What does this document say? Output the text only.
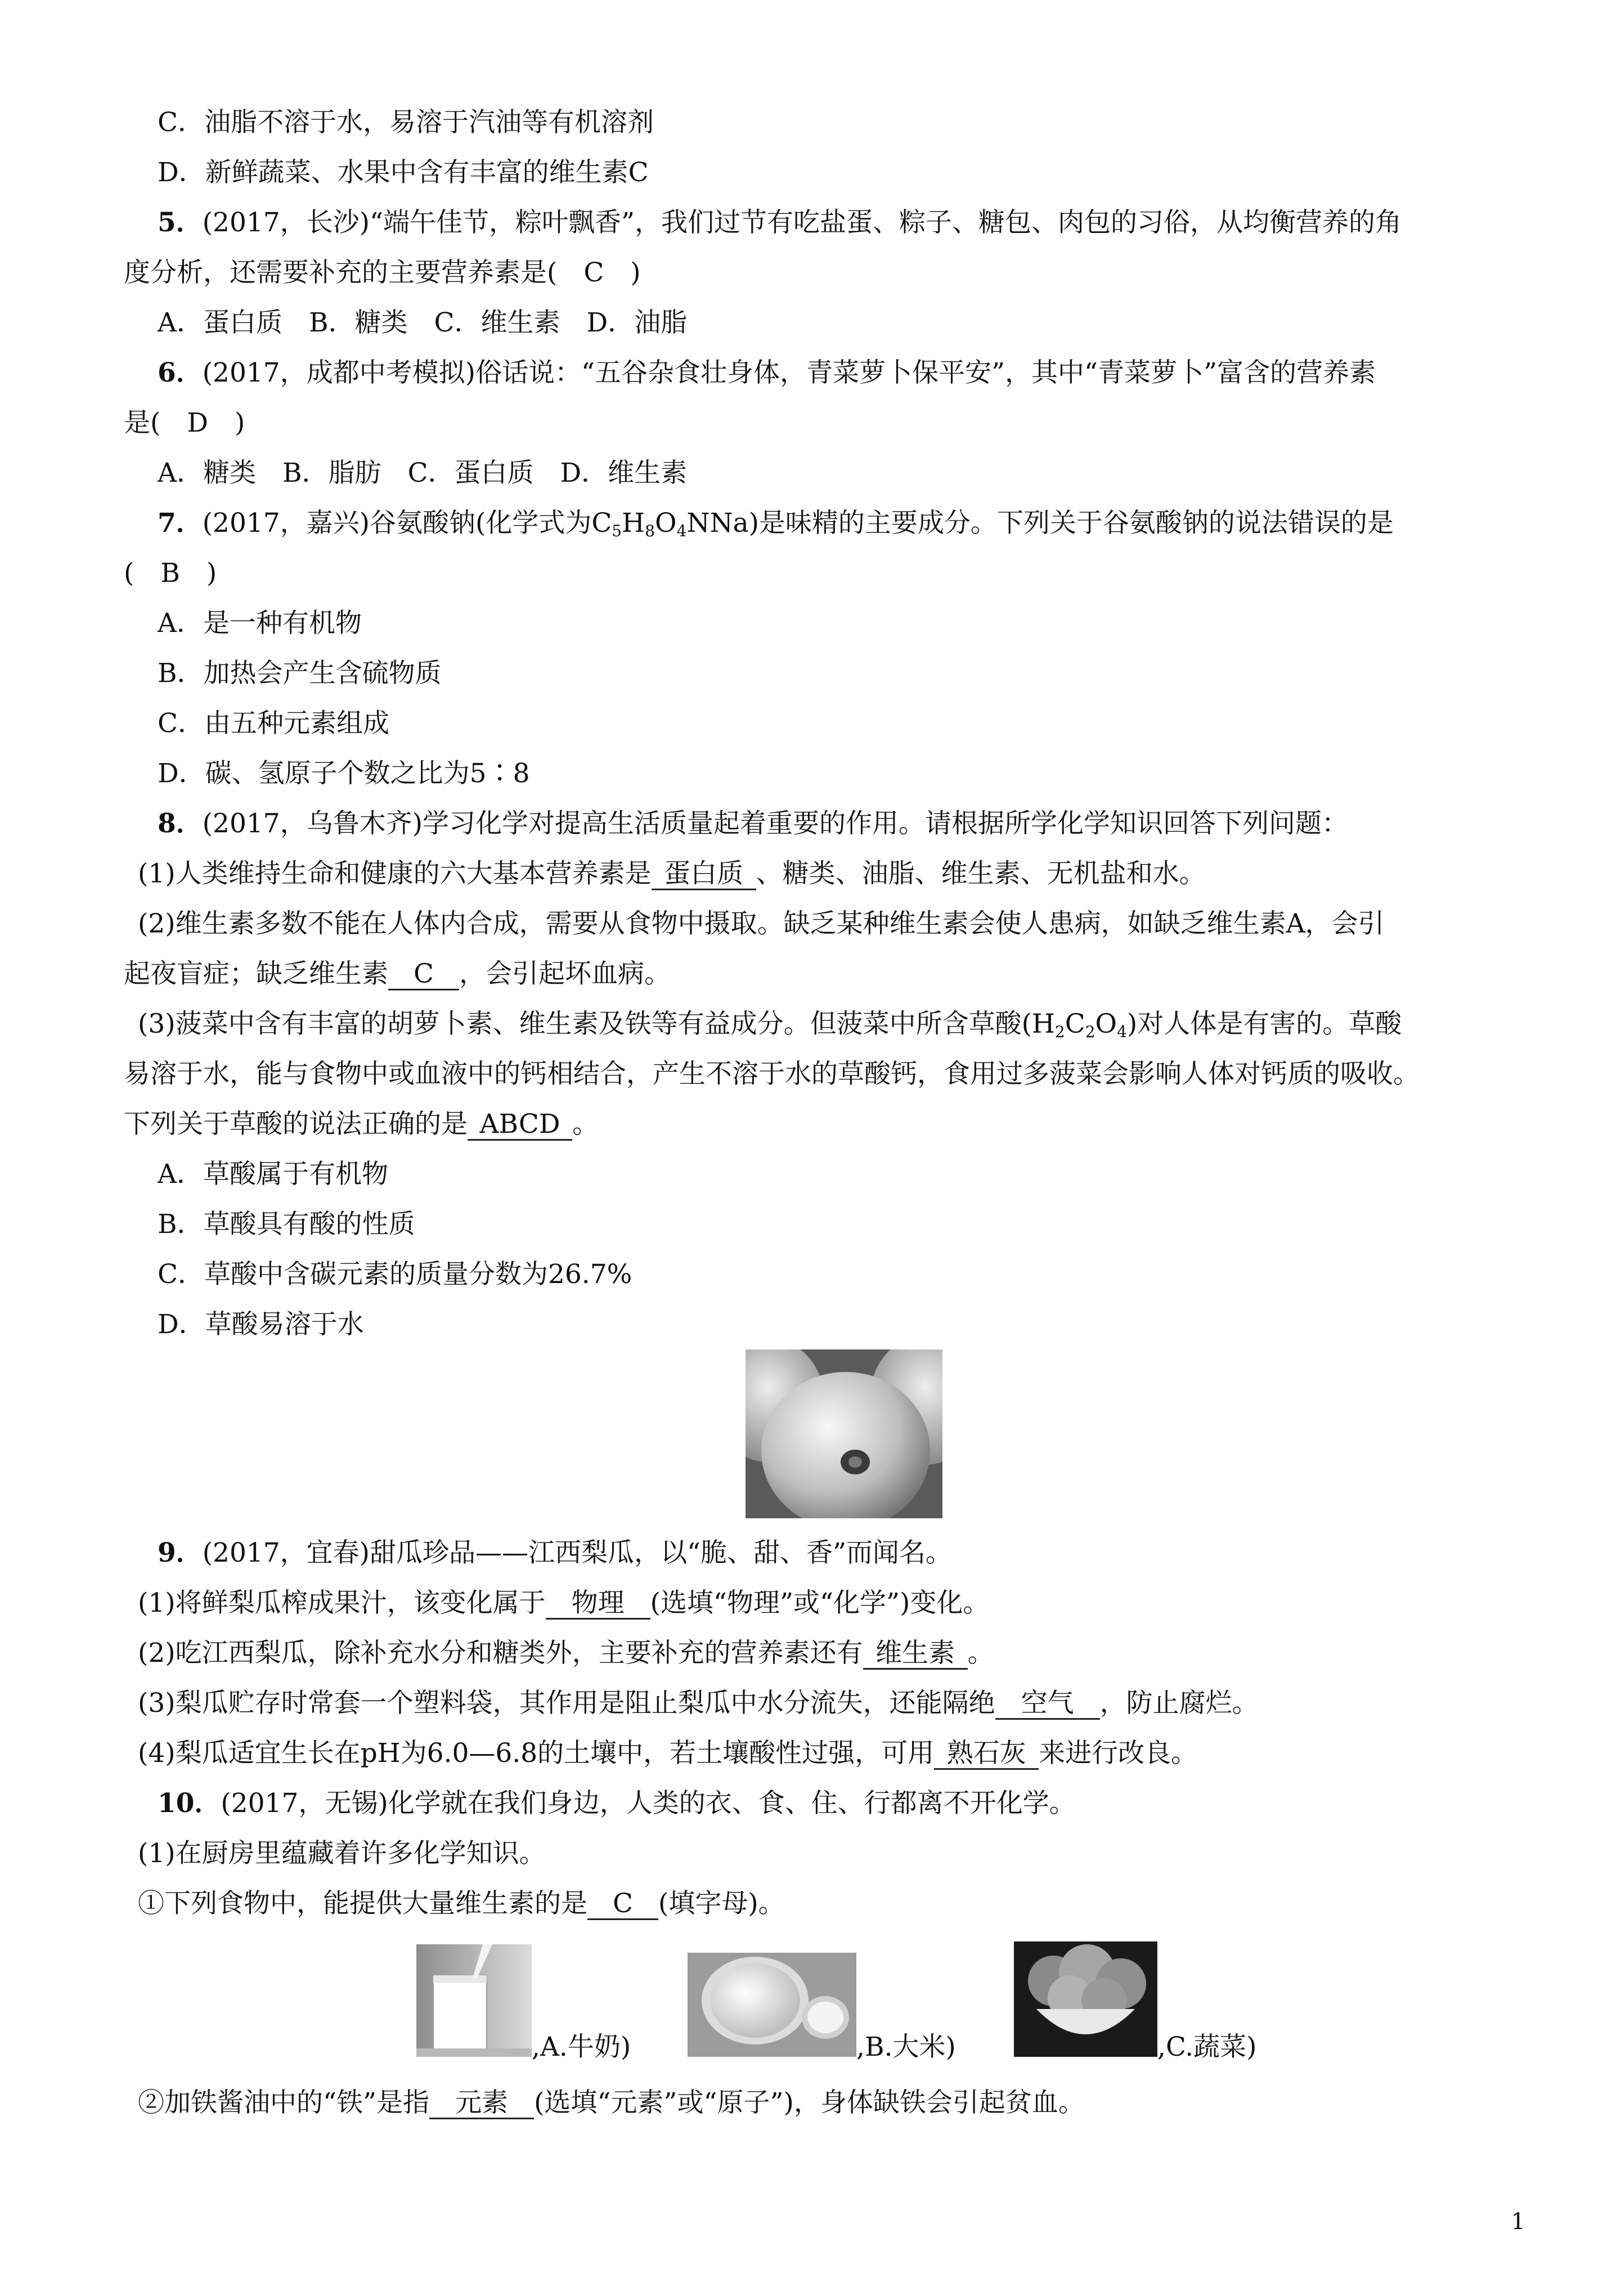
C．油脂不溶于水，易溶于汽油等有机溶剂
D．新鲜蔬菜、水果中含有丰富的维生素C
5．(2017，长沙)“端午佳节，粽叶飘香”，我们过节有吃盐蛋、粽子、糖包、肉包的习俗，从均衡营养的角
度分析，还需要补充的主要营养素是(　C　)
A．蛋白质　B．糖类　C．维生素　D．油脂
6．(2017，成都中考模拟)俗话说：“五谷杂食壮身体，青菜萝卜保平安”，其中“青菜萝卜”富含的营养素
是(　D　)
A．糖类　B．脂肪　C．蛋白质　D．维生素
7．(2017，嘉兴)谷氨酸钠(化学式为$C_5H_8O_4NNa$)是味精的主要成分。下列关于谷氨酸钠的说法错误的是
(　B　)
A．是一种有机物
B．加热会产生含硫物质
C．由五种元素组成
D．碳、氢原子个数之比为5∶8
8．(2017，乌鲁木齐)学习化学对提高生活质量起着重要的作用。请根据所学化学知识回答下列问题：
(1)人类维持生命和健康的六大基本营养素是 蛋白质 、糖类、油脂、维生素、无机盐和水。
(2)维生素多数不能在人体内合成，需要从食物中摄取。缺乏某种维生素会使人患病，如缺乏维生素A，会引
起夜盲症；缺乏维生素 C ，会引起坏血病。
(3)菠菜中含有丰富的胡萝卜素、维生素及铁等有益成分。但菠菜中所含草酸$(H_2C_2O_4)$对人体是有害的。草酸
易溶于水，能与食物中或血液中的钙相结合，产生不溶于水的草酸钙，食用过多菠菜会影响人体对钙质的吸收。
下列关于草酸的说法正确的是 ABCD 。
A．草酸属于有机物
B．草酸具有酸的性质
C．草酸中含碳元素的质量分数为26.7%
D．草酸易溶于水
9．(2017，宜春)甜瓜珍品——江西梨瓜，以“脆、甜、香”而闻名。
(1)将鲜梨瓜榨成果汁，该变化属于 物理 (选填“物理”或“化学”)变化。
(2)吃江西梨瓜，除补充水分和糖类外，主要补充的营养素还有 维生素 。
(3)梨瓜贮存时常套一个塑料袋，其作用是阻止梨瓜中水分流失，还能隔绝 空气 ，防止腐烂。
(4)梨瓜适宜生长在pH为6.0—6.8的土壤中，若土壤酸性过强，可用 熟石灰 来进行改良。
10．(2017，无锡)化学就在我们身边，人类的衣、食、住、行都离不开化学。
(1)在厨房里蕴藏着许多化学知识。
①下列食物中，能提供大量维生素的是 C (填字母)。
,A.牛奶)	,B.大米)	,C.蔬菜)
②加铁酱油中的“铁”是指 元素 (选填“元素”或“原子”)，身体缺铁会引起贫血。
1
